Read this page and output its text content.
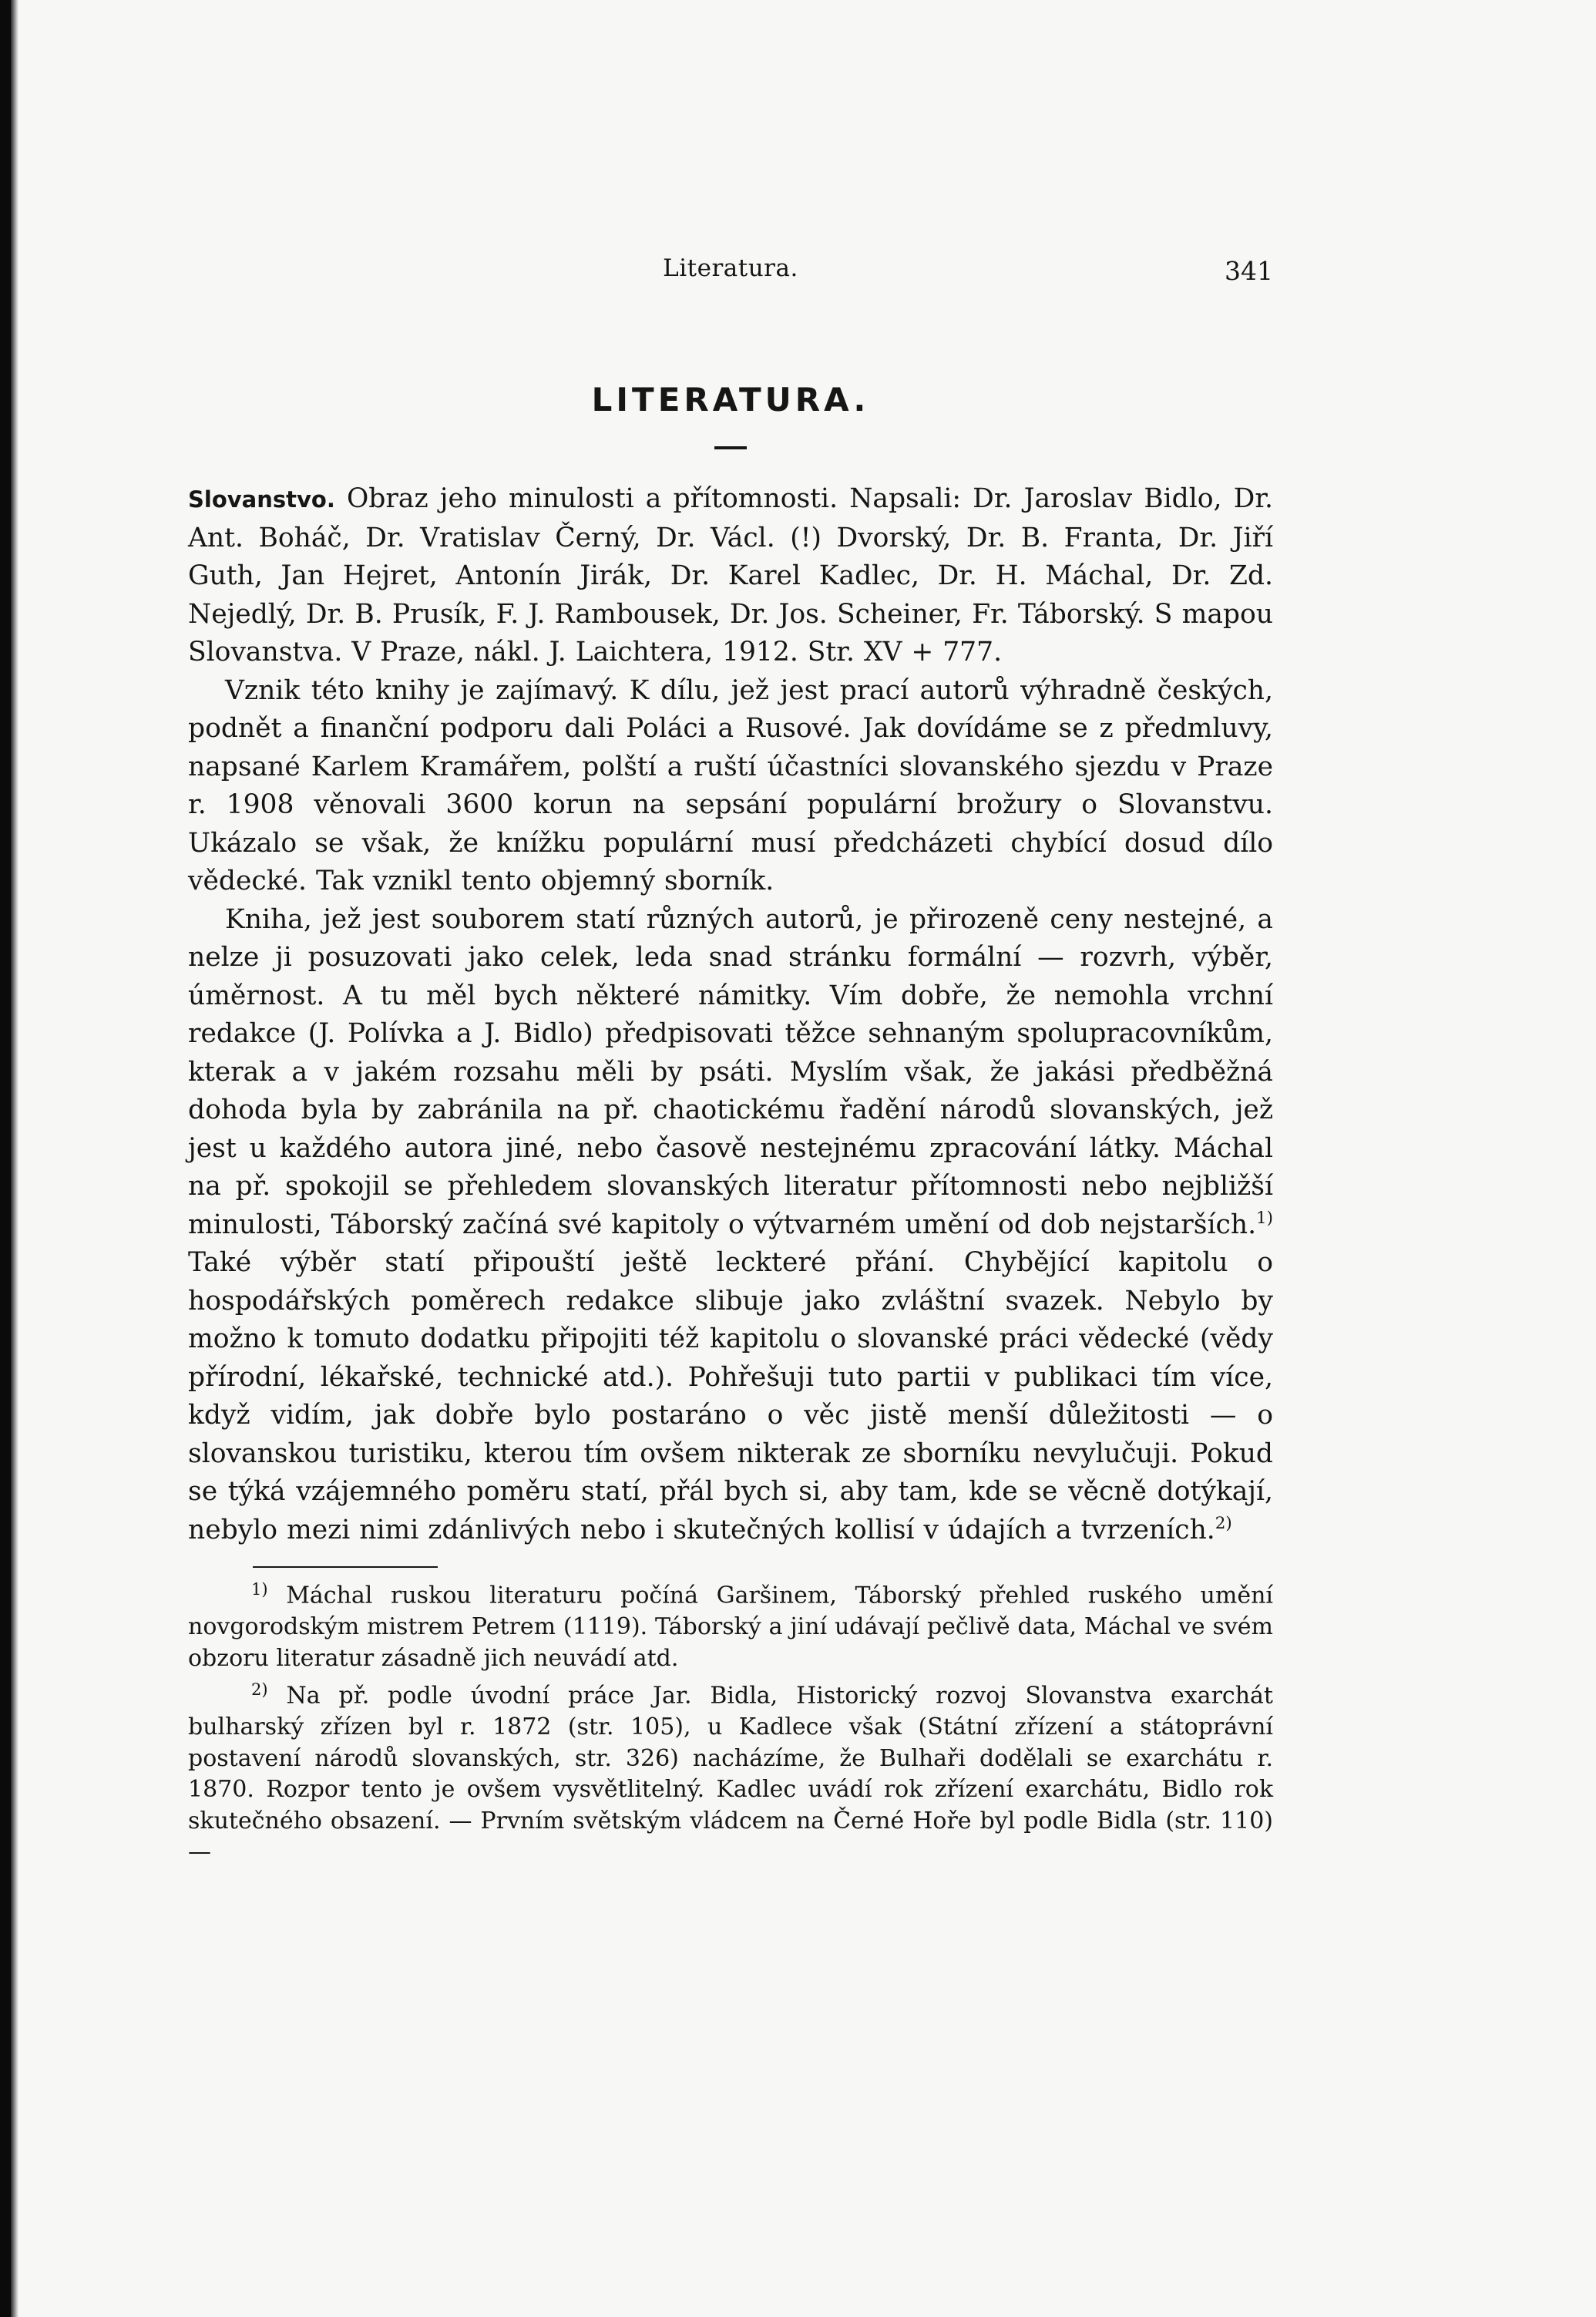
Literatura.	341
LITERATURA.

Slovanstvo. Obraz jeho minulosti a přítomnosti. Napsali: Dr. Jaroslav Bidlo, Dr. Ant. Boháč, Dr. Vratislav Černý, Dr. Václ. (!) Dvorský, Dr. B. Franta, Dr. Jiří Guth, Jan Hejret, Antonín Jirák, Dr. Karel Kadlec, Dr. H. Máchal, Dr. Zd. Nejedlý, Dr. B. Prusík, F. J. Rambousek, Dr. Jos. Scheiner, Fr. Táborský. S mapou Slovanstva. V Praze, nákl. J. Laichtera, 1912. Str. XV + 777.

Vznik této knihy je zajímavý. K dílu, jež jest prací autorů výhradně českých, podnět a finanční podporu dali Poláci a Rusové. Jak dovídáme se z předmluvy, napsané Karlem Kramářem, polští a ruští účastníci slovanského sjezdu v Praze r. 1908 věnovali 3600 korun na sepsání populární brožury o Slovanstvu. Ukázalo se však, že knížku populární musí předcházeti chybící dosud dílo vědecké. Tak vznikl tento objemný sborník.

Kniha, jež jest souborem statí různých autorů, je přirozeně ceny nestejné, a nelze ji posuzovati jako celek, leda snad stránku formální — rozvrh, výběr, úměrnost. A tu měl bych některé námitky. Vím dobře, že nemohla vrchní redakce (J. Polívka a J. Bidlo) předpisovati těžce sehnaným spolupracovníkům, kterak a v jakém rozsahu měli by psáti. Myslím však, že jakási předběžná dohoda byla by zabránila na př. chaotickému řadění národů slovanských, jež jest u každého autora jiné, nebo časově nestejnému zpracování látky. Máchal na př. spokojil se přehledem slovanských literatur přítomnosti nebo nejbližší minulosti, Táborský začíná své kapitoly o výtvarném umění od dob nejstarších.$^{1)}$ Také výběr statí připouští ještě leckteré přání. Chybějící kapitolu o hospodářských poměrech redakce slibuje jako zvláštní svazek. Nebylo by možno k tomuto dodatku připojiti též kapitolu o slovanské práci vědecké (vědy přírodní, lékařské, technické atd.). Pohřešuji tuto partii v publikaci tím více, když vidím, jak dobře bylo postaráno o věc jistě menší důležitosti — o slovanskou turistiku, kterou tím ovšem nikterak ze sborníku nevylučuji. Pokud se týká vzájemného poměru statí, přál bych si, aby tam, kde se věcně dotýkají, nebylo mezi nimi zdánlivých nebo i skutečných kollisí v údajích a tvrzeních.$^{2)}$

$^{1)}$ Máchal ruskou literaturu počíná Garšinem, Táborský přehled ruského umění novgorodským mistrem Petrem (1119). Táborský a jiní udávají pečlivě data, Máchal ve svém obzoru literatur zásadně jich neuvádí atd.

$^{2)}$ Na př. podle úvodní práce Jar. Bidla, Historický rozvoj Slovanstva exarchát bulharský zřízen byl r. 1872 (str. 105), u Kadlece však (Státní zřízení a státoprávní postavení národů slovanských, str. 326) nacházíme, že Bulhaři dodělali se exarchátu r. 1870. Rozpor tento je ovšem vysvětlitelný. Kadlec uvádí rok zřízení exarchátu, Bidlo rok skutečného obsazení. — Prvním světským vládcem na Černé Hoře byl podle Bidla (str. 110) —
